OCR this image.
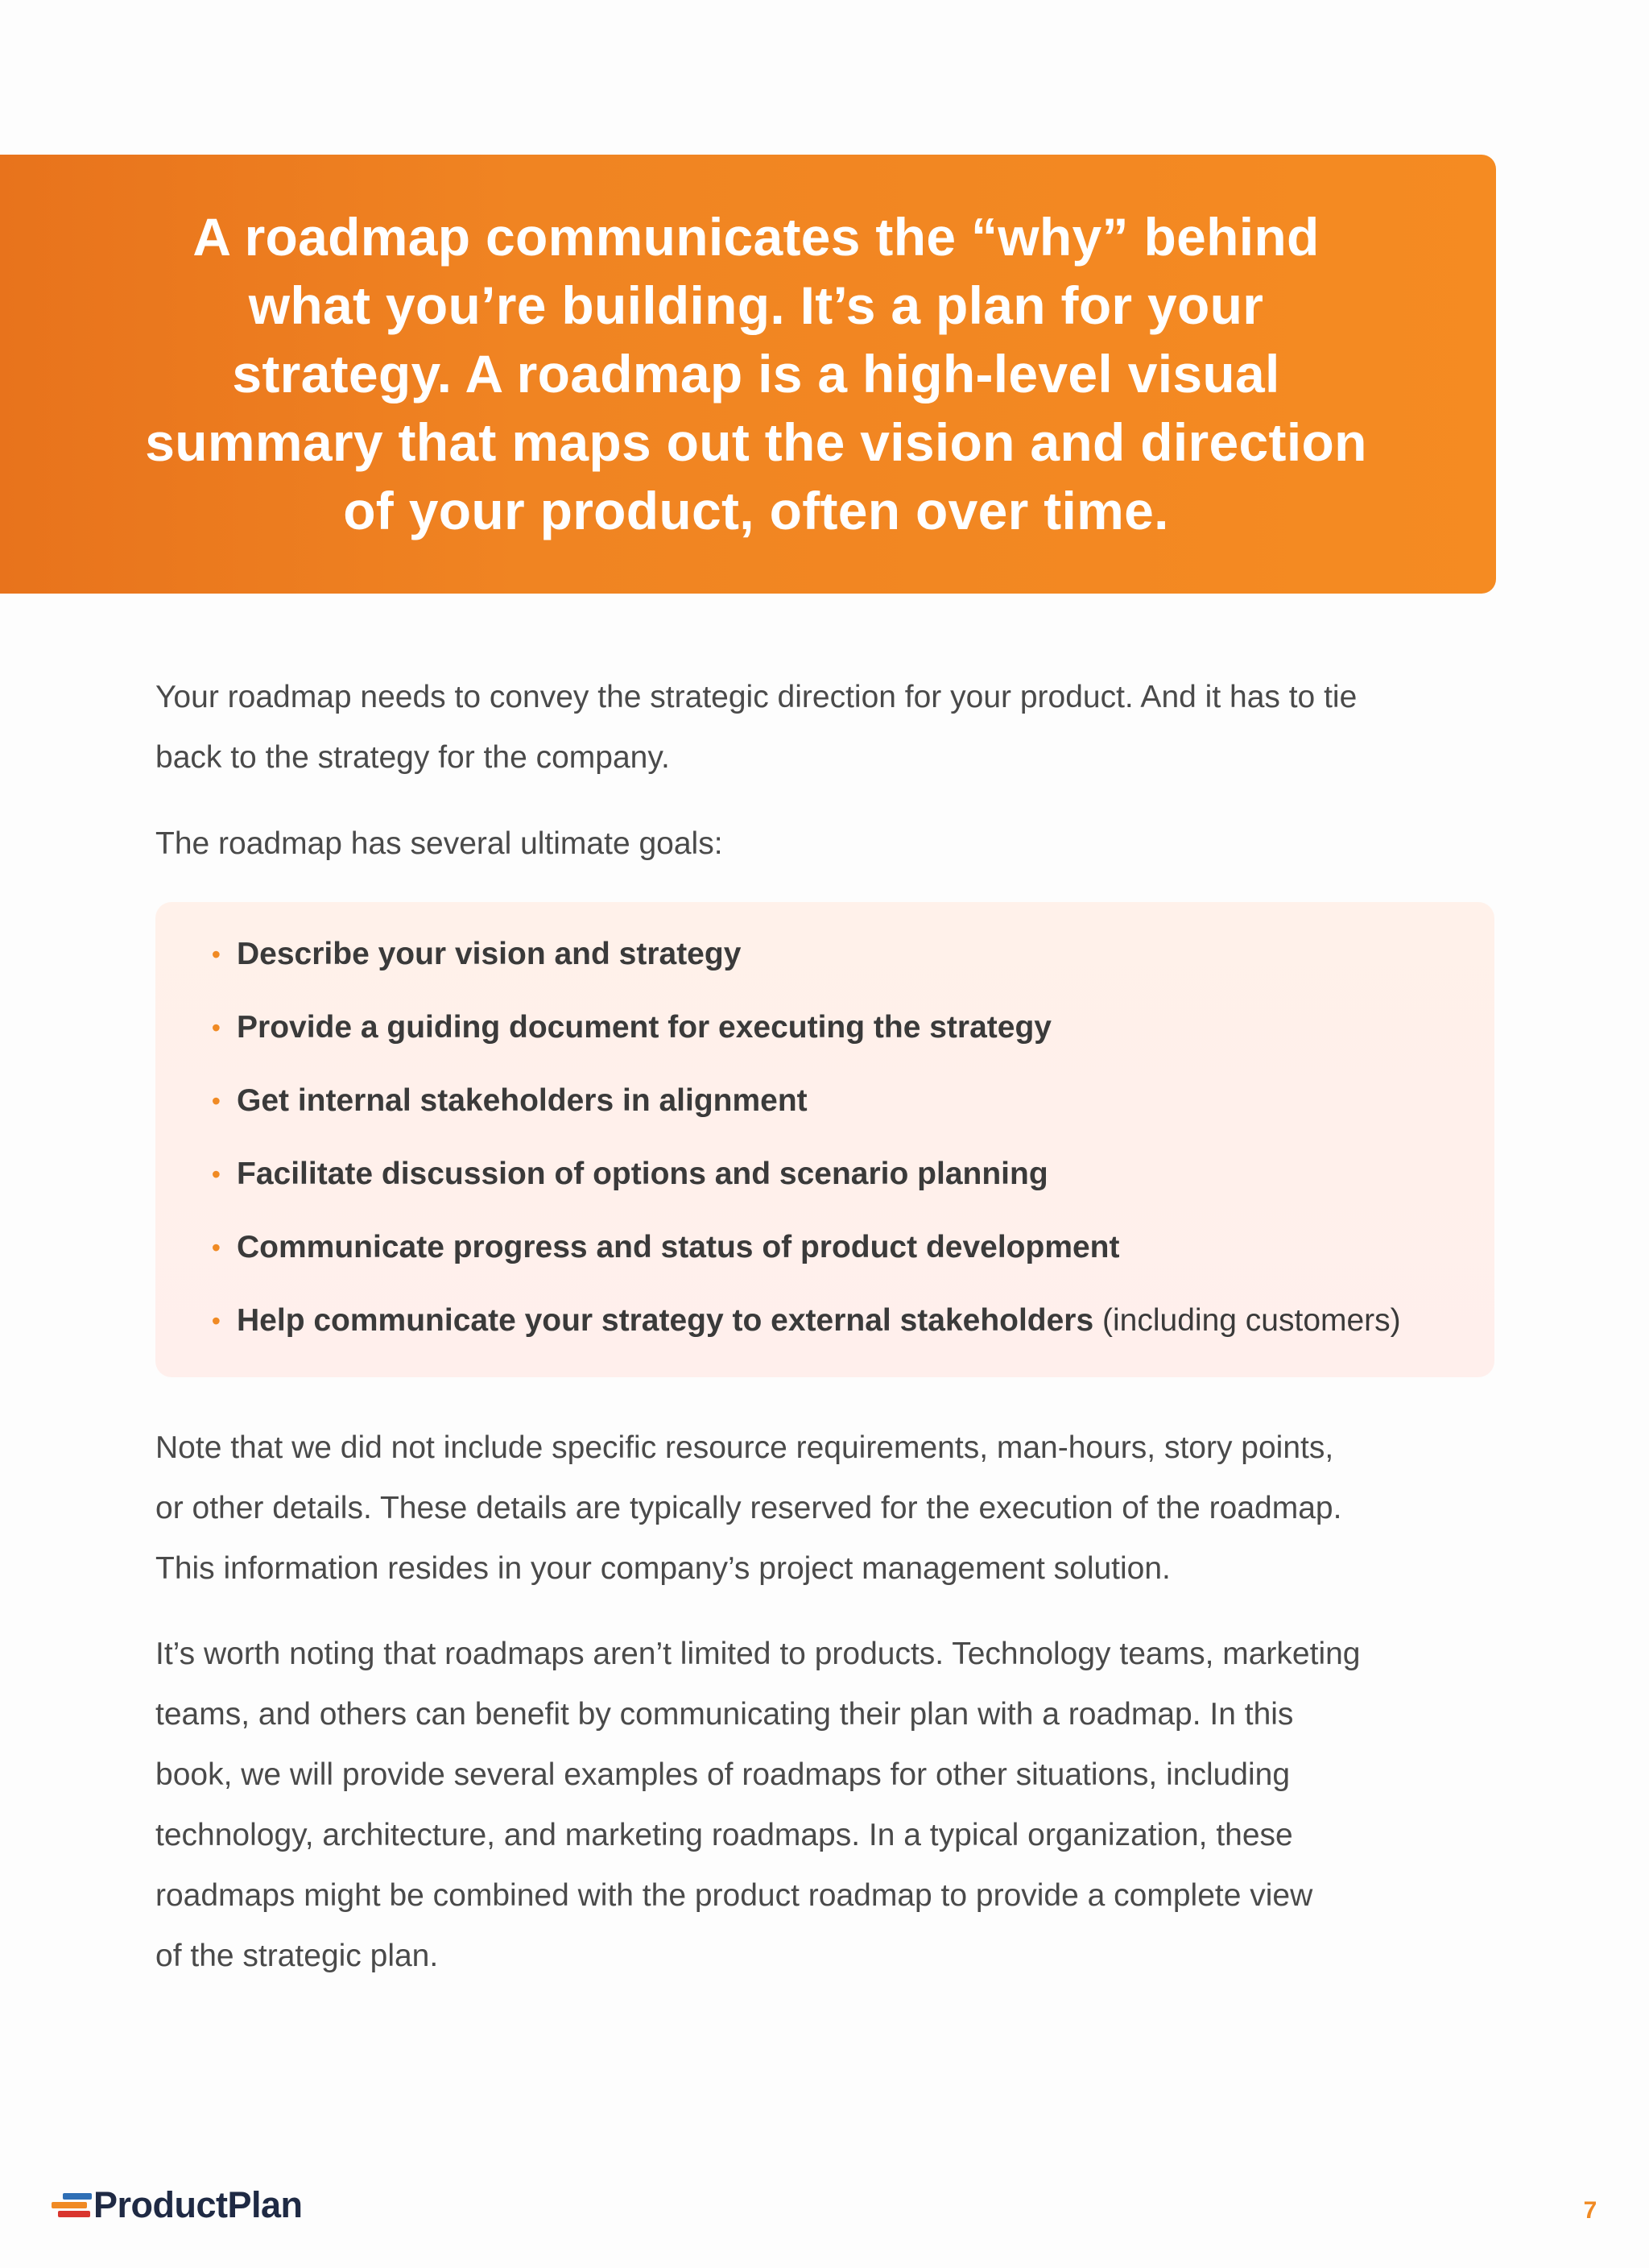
A roadmap communicates the “why” behind what you’re building. It’s a plan for your strategy. A roadmap is a high-level visual summary that maps out the vision and direction of your product, often over time.

Your roadmap needs to convey the strategic direction for your product. And it has to tie
back to the strategy for the company.

The roadmap has several ultimate goals:

• Describe your vision and strategy
• Provide a guiding document for executing the strategy
• Get internal stakeholders in alignment
• Facilitate discussion of options and scenario planning
• Communicate progress and status of product development
• Help communicate your strategy to external stakeholders (including customers)

Note that we did not include specific resource requirements, man-hours, story points,
or other details. These details are typically reserved for the execution of the roadmap.
This information resides in your company’s project management solution.

It’s worth noting that roadmaps aren’t limited to products. Technology teams, marketing
teams, and others can benefit by communicating their plan with a roadmap. In this
book, we will provide several examples of roadmaps for other situations, including
technology, architecture, and marketing roadmaps. In a typical organization, these
roadmaps might be combined with the product roadmap to provide a complete view
of the strategic plan.

ProductPlan	7
